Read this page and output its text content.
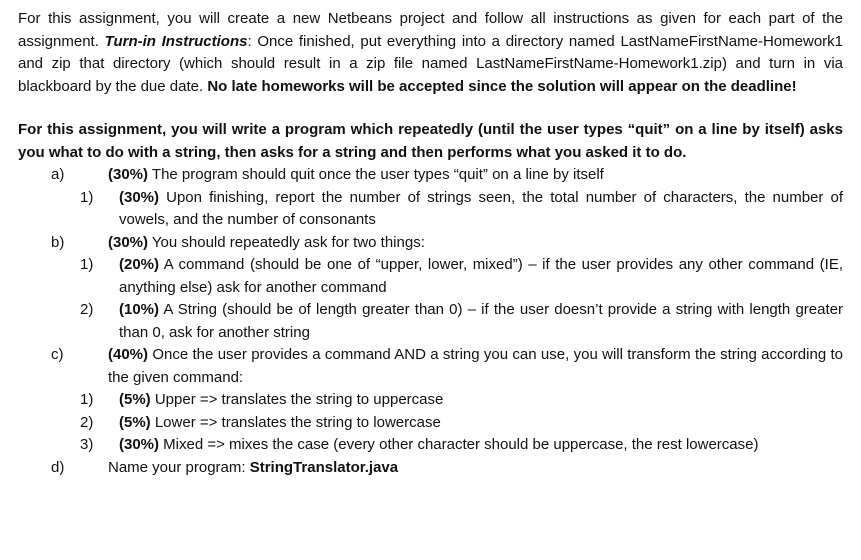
For this assignment, you will create a new Netbeans project and follow all instructions as given for each part of the assignment. Turn-in Instructions: Once finished, put everything into a directory named LastNameFirstName-Homework1 and zip that directory (which should result in a zip file named LastNameFirstName-Homework1.zip) and turn in via blackboard by the due date. No late homeworks will be accepted since the solution will appear on the deadline!

For this assignment, you will write a program which repeatedly (until the user types “quit” on a line by itself) asks you what to do with a string, then asks for a string and then performs what you asked it to do.

a)	(30%) The program should quit once the user types “quit” on a line by itself
1)	(30%) Upon finishing, report the number of strings seen, the total number of characters, the number of vowels, and the number of consonants
b)	(30%) You should repeatedly ask for two things:
1)	(20%) A command (should be one of “upper, lower, mixed”) – if the user provides any other command (IE, anything else) ask for another command
2)	(10%) A String (should be of length greater than 0) – if the user doesn’t provide a string with length greater than 0, ask for another string
c)	(40%) Once the user provides a command AND a string you can use, you will transform the string according to the given command:
1)	(5%) Upper => translates the string to uppercase
2)	(5%) Lower => translates the string to lowercase
3)	(30%) Mixed => mixes the case (every other character should be uppercase, the rest lowercase)
d)	Name your program: StringTranslator.java
